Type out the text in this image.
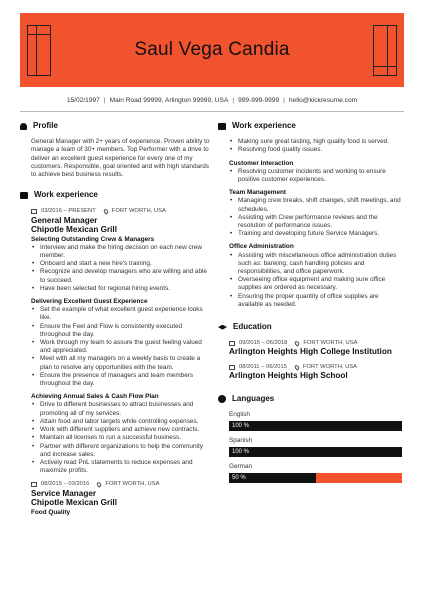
Saul Vega Candia
15/02/1997 | Main Road 99999, Arlington 99999, USA | 999-999-9999 | hello@kickresume.com
Profile

General Manager with 2+ years of experience. Proven ability to manage a team of 30+ members. Top Performer with a drive to deliver an excellent guest experience for every one of my customers. Responsible, goal oriented and with high standards to achieve best business results.

Work experience
03/2016 – PRESENT	FORT WORTH, USA
General Manager
Chipotle Mexican Grill
Selecting Outstanding Crew & Managers
• Interview and make the hiring decision on each new crew member.
• Onboard and start a new hire's training.
• Recognize and develop managers who are willing and able to succeed.
• Have been selected for regional hiring events.
Delivering Excellent Guest Experience
• Set the example of what excellent guest experience looks like.
• Ensure the Feel and Flow is consistently executed throughout the day.
• Work through my team to assure the guest feeling valued and appreciated.
• Meet with all my managers on a weekly basis to create a plan to resolve any opportunities with the team.
• Ensure the presence of managers and team members throughout the day.
Achieving Annual Sales & Cash Flow Plan
• Drive to different businesses to attract businesses and promoting all of my services.
• Attain food and labor targets while controlling expenses.
• Work with different suppliers and achieve new contracts.
• Maintain all licenses to run a successful business.
• Partner with different organizations to help the community and increase sales.
• Actively read PnL statements to reduce expenses and maximize profits.
08/2015 – 03/2016	FORT WORTH, USA
Service Manager
Chipotle Mexican Grill
Food Quality
Work experience
• Making sure great tasting, high quality food is served.
• Resolving food quality issues.
Customer Interaction
• Resolving customer incidents and working to ensure positive customer experiences.
Team Management
• Managing crew breaks, shift changes, shift meetings, and schedules.
• Assisting with Crew performance reviews and the resolution of performance issues.
• Training and developing future Service Managers.
Office Administration
• Assisting with miscellaneous office administration duties such as: banking, cash handling policies and responsibilities, and office paperwork.
• Overseeing office equipment and making sure office supplies are ordered as necessary.
• Ensuring the proper quantity of office supplies are available as needed.
Education
09/2015 – 06/2018	FORT WORTH, USA
Arlington Heights High College Institution
08/2011 – 06/2015	FORT WORTH, USA
Arlington Heights High School
Languages
English
100 %
Spanish
100 %
German
50 %
